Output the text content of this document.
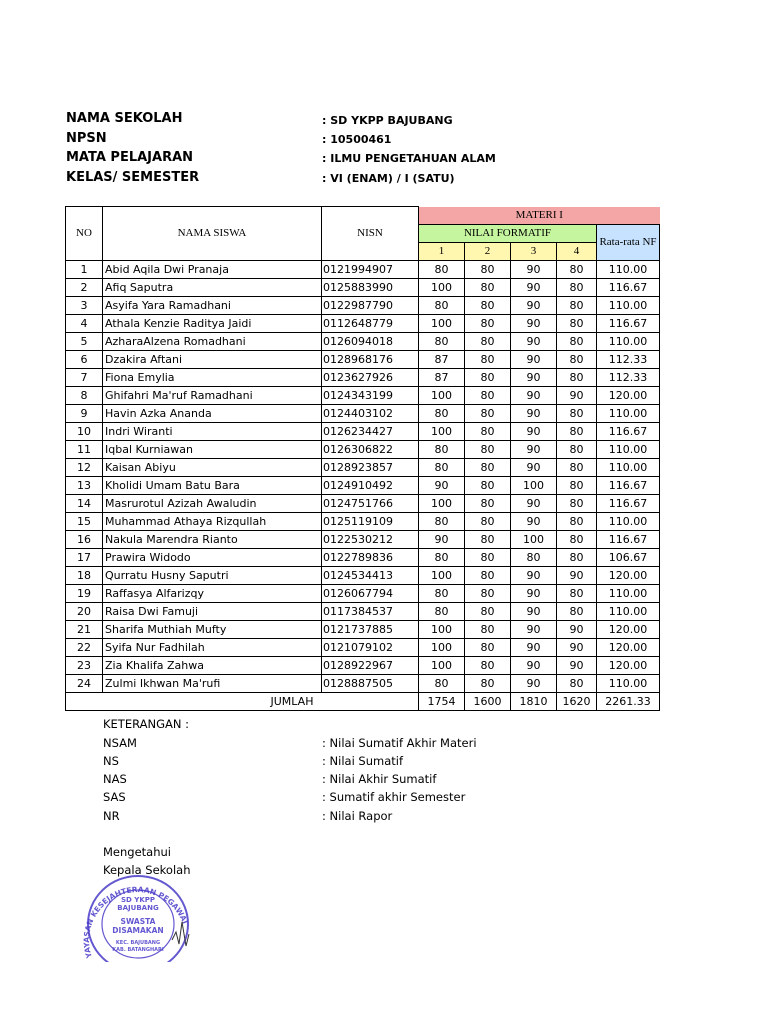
NAMA SEKOLAH	: SD YKPP BAJUBANG
NPSN	: 10500461
MATA PELAJARAN	: ILMU PENGETAHUAN ALAM
KELAS/ SEMESTER	: VI (ENAM) / I (SATU)
NO	NAMA SISWA	NISN	MATERI I				
			NILAI FORMATIF				Rata-rata NF
			1	2	3	4	
1	Abid Aqila Dwi Pranaja	0121994907	80	80	90	80	110.00
2	Afiq Saputra	0125883990	100	80	90	80	116.67
3	Asyifa Yara Ramadhani	0122987790	80	80	90	80	110.00
4	Athala Kenzie Raditya Jaidi	0112648779	100	80	90	80	116.67
5	AzharaAlzena Romadhani	0126094018	80	80	90	80	110.00
6	Dzakira Aftani	0128968176	87	80	90	80	112.33
7	Fiona Emylia	0123627926	87	80	90	80	112.33
8	Ghifahri Ma'ruf Ramadhani	0124343199	100	80	90	90	120.00
9	Havin Azka Ananda	0124403102	80	80	90	80	110.00
10	Indri Wiranti	0126234427	100	80	90	80	116.67
11	Iqbal Kurniawan	0126306822	80	80	90	80	110.00
12	Kaisan Abiyu	0128923857	80	80	90	80	110.00
13	Kholidi Umam Batu Bara	0124910492	90	80	100	80	116.67
14	Masrurotul Azizah Awaludin	0124751766	100	80	90	80	116.67
15	Muhammad Athaya Rizqullah	0125119109	80	80	90	80	110.00
16	Nakula Marendra Rianto	0122530212	90	80	100	80	116.67
17	Prawira Widodo	0122789836	80	80	80	80	106.67
18	Qurratu Husny Saputri	0124534413	100	80	90	90	120.00
19	Raffasya Alfarizqy	0126067794	80	80	90	80	110.00
20	Raisa Dwi Famuji	0117384537	80	80	90	80	110.00
21	Sharifa Muthiah Mufty	0121737885	100	80	90	90	120.00
22	Syifa Nur Fadhilah	0121079102	100	80	90	90	120.00
23	Zia Khalifa Zahwa	0128922967	100	80	90	90	120.00
24	Zulmi Ikhwan Ma'rufi	0128887505	80	80	90	80	110.00
JUMLAH			1754	1600	1810	1620	2261.33
KETERANGAN :
NSAM	: Nilai Sumatif Akhir Materi
NS	: Nilai Sumatif
NAS	: Nilai Akhir Sumatif
SAS	: Sumatif akhir Semester
NR	: Nilai Rapor
Mengetahui
Kepala Sekolah
YAYASAN KESEJAHTERAAN PEGAWAI
SD YKPP
BAJUBANG
SWASTA
DISAMAKAN
KEC. BAJUBANG
KAB. BATANGHARI
